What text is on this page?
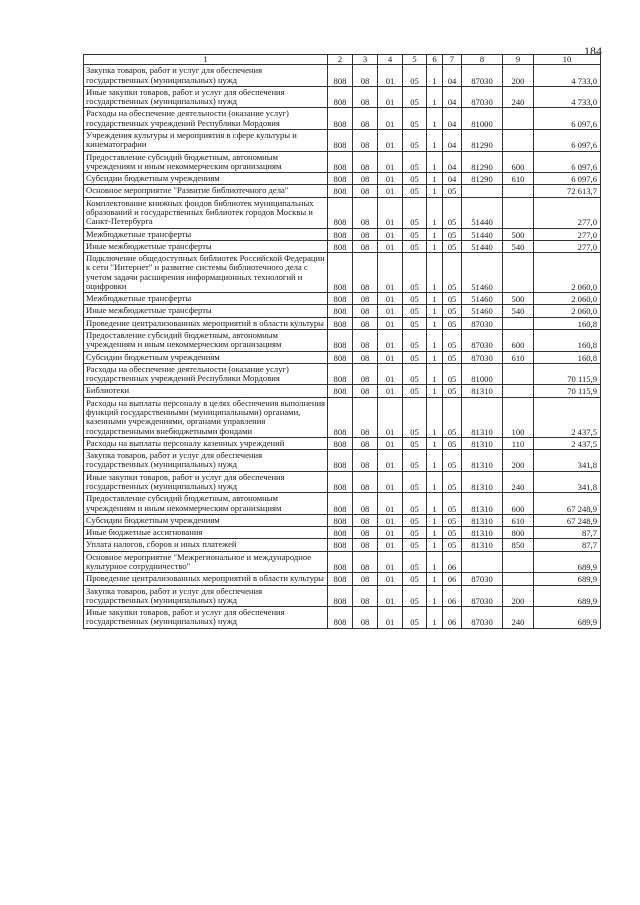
184
1	2	3	4	5	6	7	8	9	10
Закупка товаров, работ и услуг для обеспечения государственных (муниципальных) нужд	808	08	01	05	1	04	87030	200	4 733,0
Иные закупки товаров, работ и услуг для обеспечения государственных (муниципальных) нужд	808	08	01	05	1	04	87030	240	4 733,0
Расходы на обеспечение деятельности (оказание услуг) государственных учреждений Республики Мордовия	808	08	01	05	1	04	81000		6 097,6
Учреждения культуры и мероприятия в сфере культуры и кинематографии	808	08	01	05	1	04	81290		6 097,6
Предоставление субсидий бюджетным, автономным учреждениям и иным некоммерческим организациям	808	08	01	05	1	04	81290	600	6 097,6
Субсидии бюджетным учреждениям	808	08	01	05	1	04	81290	610	6 097,6
Основное мероприятие "Развитие библиотечного дела"	808	08	01	05	1	05			72 613,7
Комплектование книжных фондов библиотек муниципальных образований и государственных библиотек городов Москвы и Санкт-Петербурга	808	08	01	05	1	05	51440		277,0
Межбюджетные трансферты	808	08	01	05	1	05	51440	500	277,0
Иные межбюджетные трансферты	808	08	01	05	1	05	51440	540	277,0
Подключение общедоступных библиотек Российской Федерации к сети "Интернет" и развитие системы библиотечного дела с учетом задачи расширения информационных технологий и оцифровки	808	08	01	05	1	05	51460		2 060,0
Межбюджетные трансферты	808	08	01	05	1	05	51460	500	2 060,0
Иные межбюджетные трансферты	808	08	01	05	1	05	51460	540	2 060,0
Проведение централизованных мероприятий в области культуры	808	08	01	05	1	05	87030		160,8
Предоставление субсидий бюджетным, автономным учреждениям и иным некоммерческим организациям	808	08	01	05	1	05	87030	600	160,8
Субсидии бюджетным учреждениям	808	08	01	05	1	05	87030	610	160,8
Расходы на обеспечение деятельности (оказание услуг) государственных учреждений Республики Мордовия	808	08	01	05	1	05	81000		70 115,9
Библиотеки	808	08	01	05	1	05	81310		70 115,9
Расходы на выплаты персоналу в целях обеспечения выполнения функций государственными (муниципальными) органами, казенными учреждениями, органами управления государственными внебюджетными фондами	808	08	01	05	1	05	81310	100	2 437,5
Расходы на выплаты персоналу казенных учреждений	808	08	01	05	1	05	81310	110	2 437,5
Закупка товаров, работ и услуг для обеспечения государственных (муниципальных) нужд	808	08	01	05	1	05	81310	200	341,8
Иные закупки товаров, работ и услуг для обеспечения государственных (муниципальных) нужд	808	08	01	05	1	05	81310	240	341,8
Предоставление субсидий бюджетным, автономным учреждениям и иным некоммерческим организациям	808	08	01	05	1	05	81310	600	67 248,9
Субсидии бюджетным учреждениям	808	08	01	05	1	05	81310	610	67 248,9
Иные бюджетные ассигнования	808	08	01	05	1	05	81310	800	87,7
Уплата налогов, сборов и иных платежей	808	08	01	05	1	05	81310	850	87,7
Основное мероприятие "Межрегиональное и международное культурное сотрудничество"	808	08	01	05	1	06			689,9
Проведение централизованных мероприятий в области культуры	808	08	01	05	1	06	87030		689,9
Закупка товаров, работ и услуг для обеспечения государственных (муниципальных) нужд	808	08	01	05	1	06	87030	200	689,9
Иные закупки товаров, работ и услуг для обеспечения государственных (муниципальных) нужд	808	08	01	05	1	06	87030	240	689,9
